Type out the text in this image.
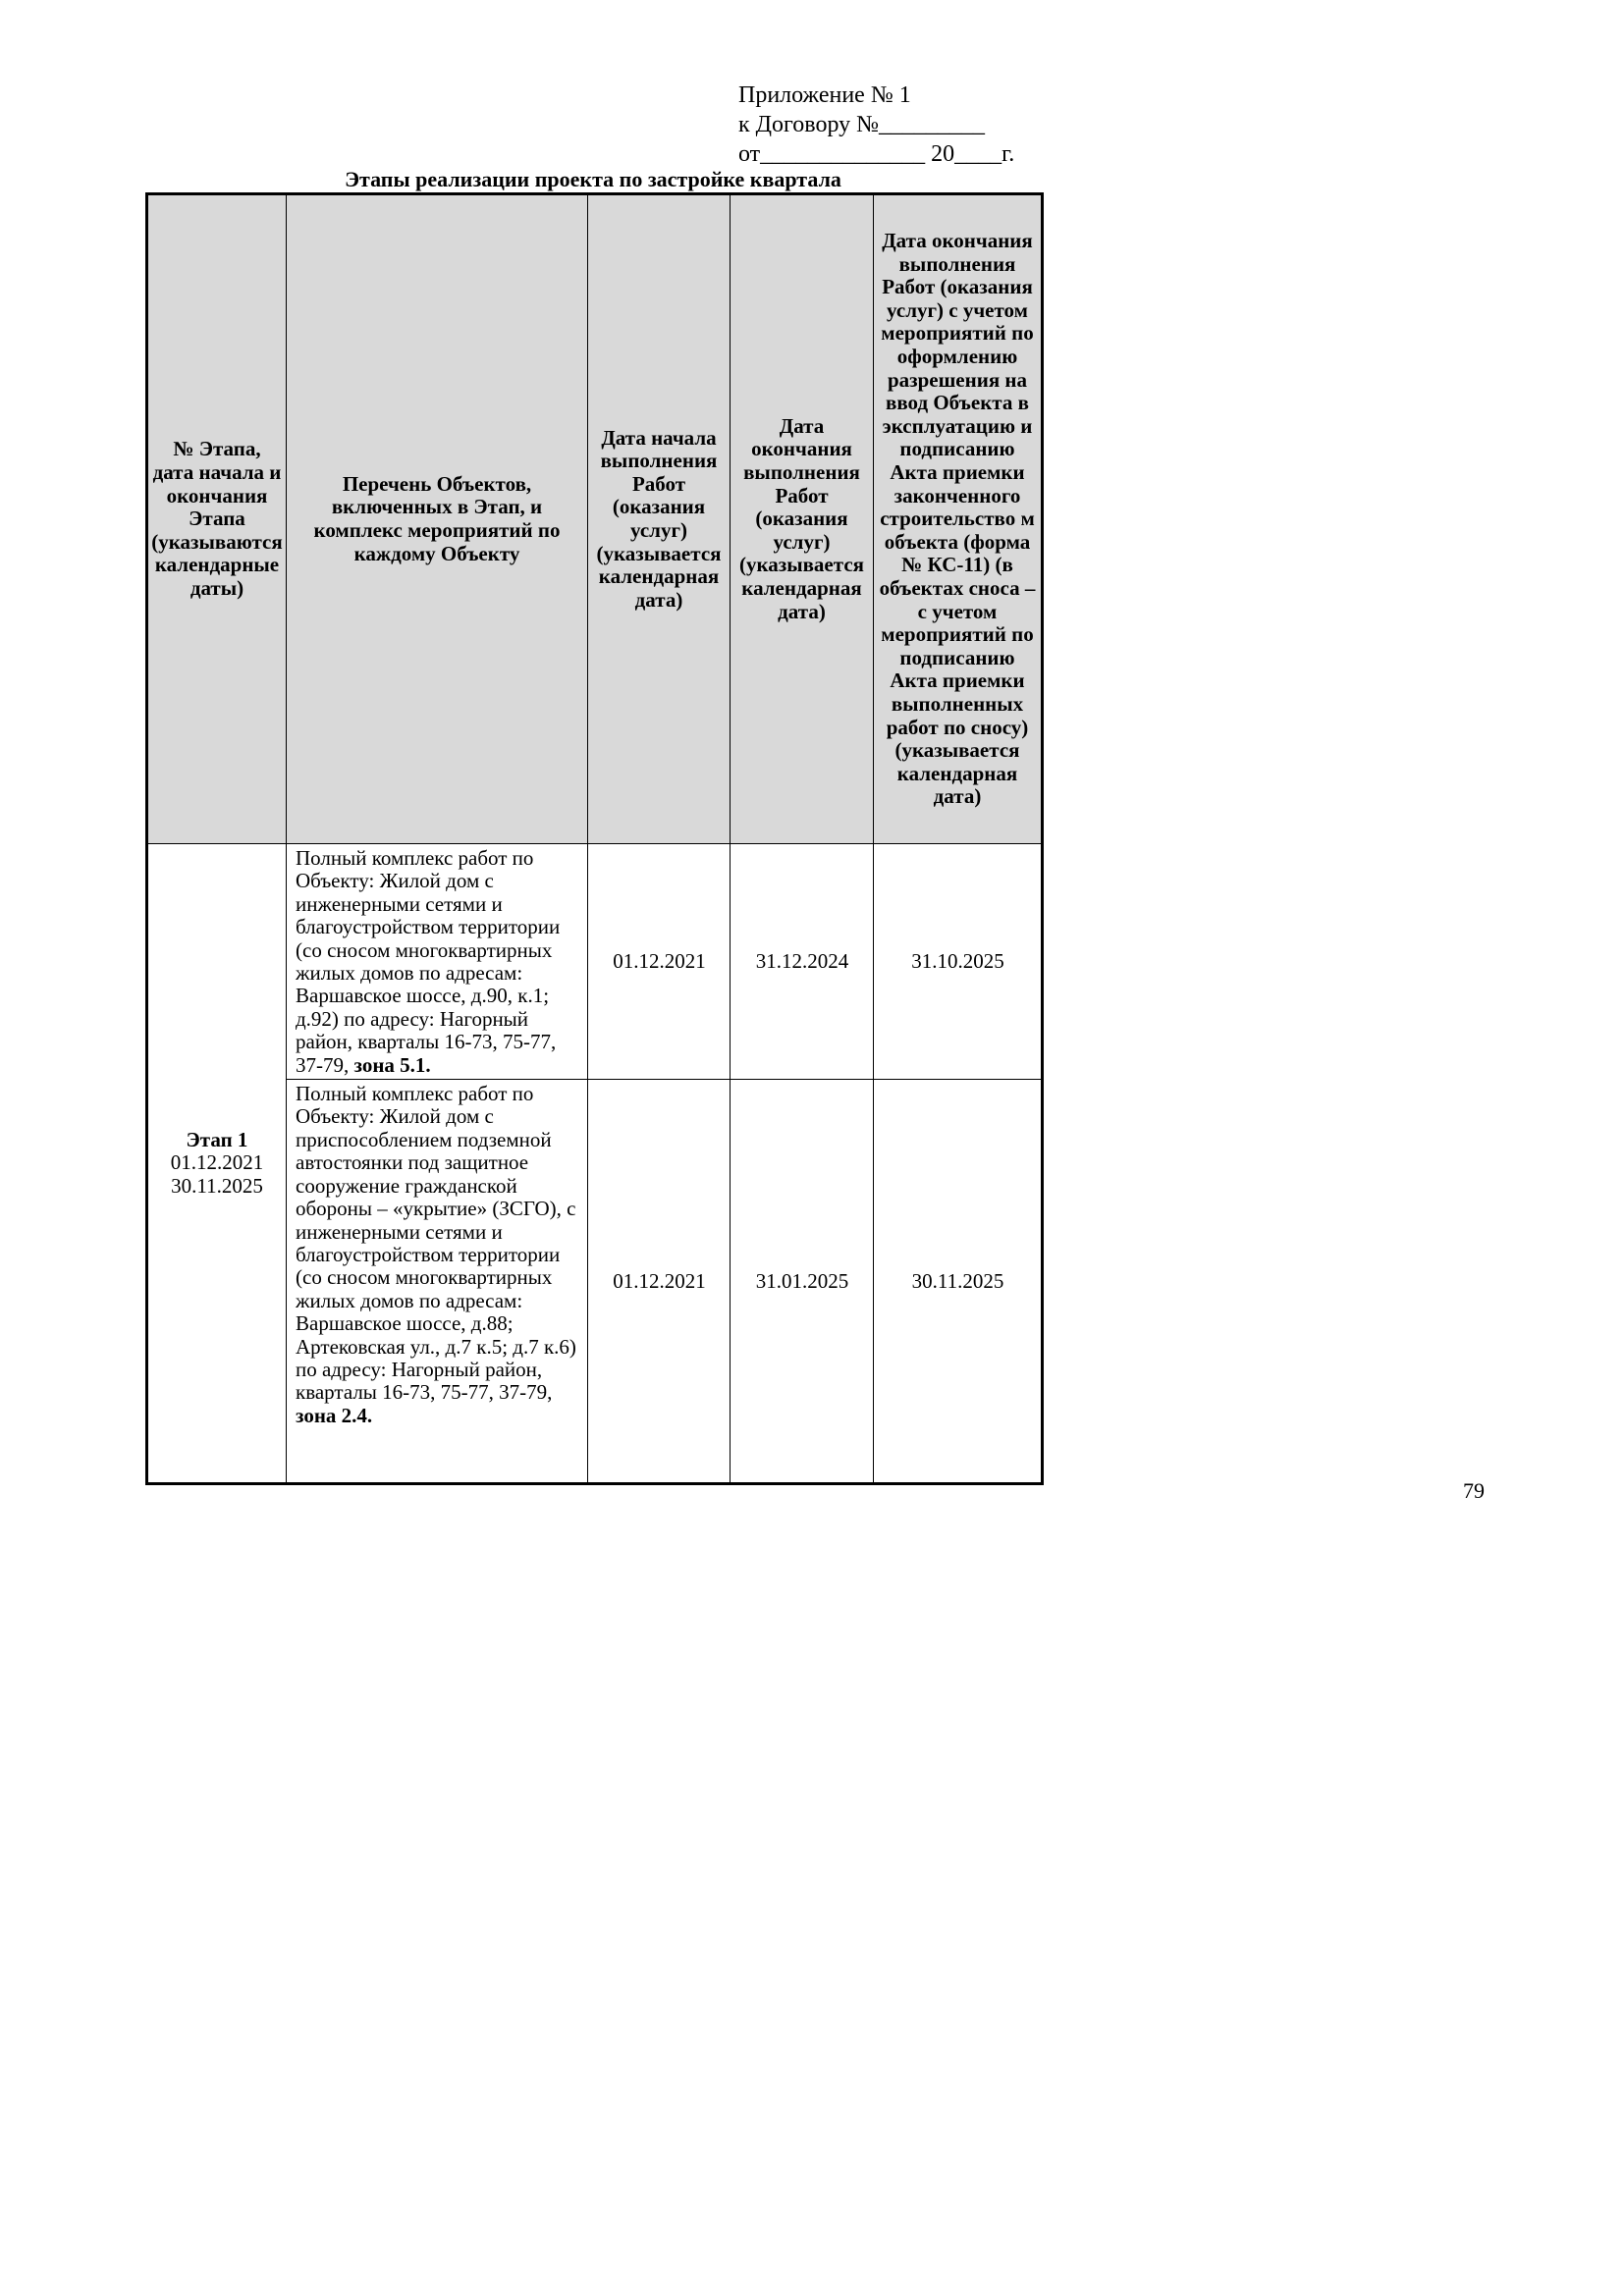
Приложение № 1
к Договору №_________
от______________ 20____г.
Этапы реализации проекта по застройке квартала
№ Этапа, дата начала и окончания Этапа (указываются календарные даты)	Перечень Объектов, включенных в Этап, и комплекс мероприятий по каждому Объекту	Дата начала выполнения Работ (оказания услуг) (указывается календарная дата)	Дата окончания выполнения Работ (оказания услуг) (указывается календарная дата)	Дата окончания выполнения Работ (оказания услуг) с учетом мероприятий по оформлению разрешения на ввод Объекта в эксплуатацию и подписанию Акта приемки законченного строительство м объекта (форма № КС-11) (в объектах сноса – с учетом мероприятий по подписанию Акта приемки выполненных работ по сносу) (указывается календарная дата)

Этап 1
01.12.2021
30.11.2025
	Полный комплекс работ по Объекту: Жилой дом с инженерными сетями и благоустройством территории (со сносом многоквартирных жилых домов по адресам: Варшавское шоссе, д.90, к.1; д.92) по адресу: Нагорный район, кварталы 16-73, 75-77, 37-79, зона 5.1.	01.12.2021	31.12.2024	31.10.2025
	Полный комплекс работ по Объекту: Жилой дом с приспособлением подземной автостоянки под защитное сооружение гражданской обороны – «укрытие» (ЗСГО), с инженерными сетями и благоустройством территории (со сносом многоквартирных жилых домов по адресам: Варшавское шоссе, д.88; Артековская ул., д.7 к.5; д.7 к.6) по адресу: Нагорный район, кварталы 16-73, 75-77, 37-79, зона 2.4.	01.12.2021	31.01.2025	30.11.2025
79
